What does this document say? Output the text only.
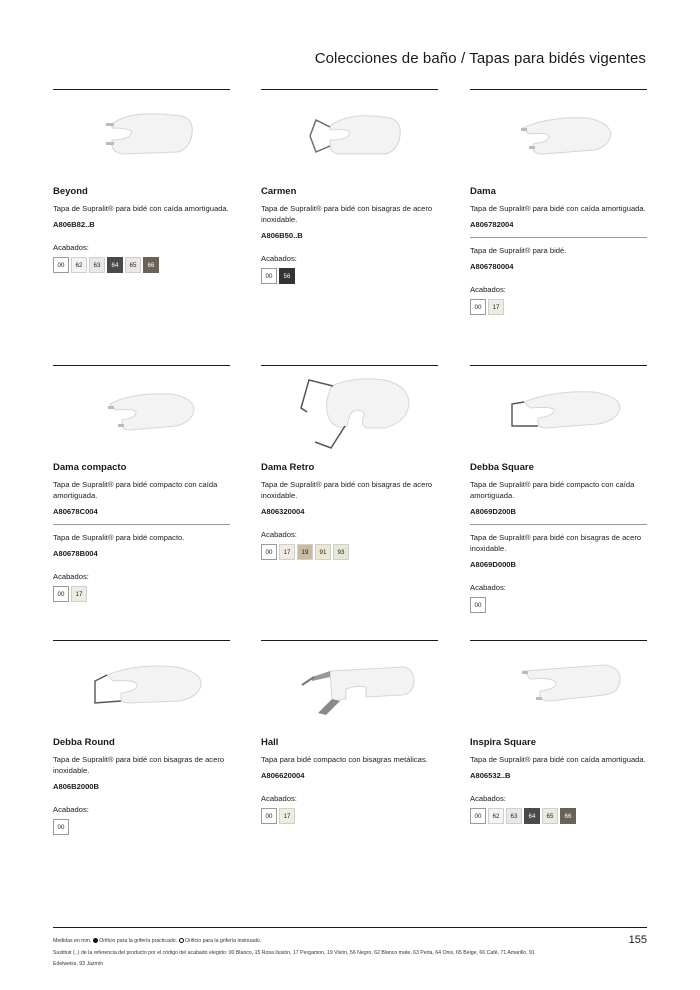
Colecciones de baño / Tapas para bidés vigentes
Beyond
Tapa de Supralit® para bidé con caída amortiguada.
A806B82..B
Acabados:
00	62	63	64	65	66
Carmen
Tapa de Supralit® para bidé con bisagras de acero inoxidable.
A806B50..B
Acabados:
00	56
Dama
Tapa de Supralit® para bidé con caída amortiguada.
A806782004
Tapa de Supralit® para bidé.
A806780004
Acabados:
00	17
Dama compacto
Tapa de Supralit® para bidé compacto con caída amortiguada.
A80678C004
Tapa de Supralit® para bidé compacto.
A80678B004
Acabados:
00	17
Dama Retro
Tapa de Supralit® para bidé con bisagras de acero inoxidable.
A806320004
Acabados:
00	17	19	91	93
Debba Square
Tapa de Supralit® para bidé compacto con caída amortiguada.
A8069D200B
Tapa de Supralit® para bidé con bisagras de acero inoxidable.
A8069D000B
Acabados:
00
Debba Round
Tapa de Supralit® para bidé con bisagras de acero inoxidable.
A806B2000B
Acabados:
00
Hall
Tapa para bidé compacto con bisagras metálicas.
A806620004
Acabados:
00	17
Inspira Square
Tapa de Supralit® para bidé con caída amortiguada.
A806532..B
Acabados:
00	62	63	64	65	66
Medidas en mm. Orificio para la grifería practicado. Orificio para la grifería insinuado.
Sustituir (..) de la referencia del producto por el código del acabado elegido: 00 Blanco, 15 Rosa ilusión, 17 Pergamon, 19 Visón, 56 Negro, 62 Blanco mate, 63 Perla, 64 Onix, 65 Beige, 66 Café, 71 Amarillo, 91
Edelweiss, 93 Jazmín
155
